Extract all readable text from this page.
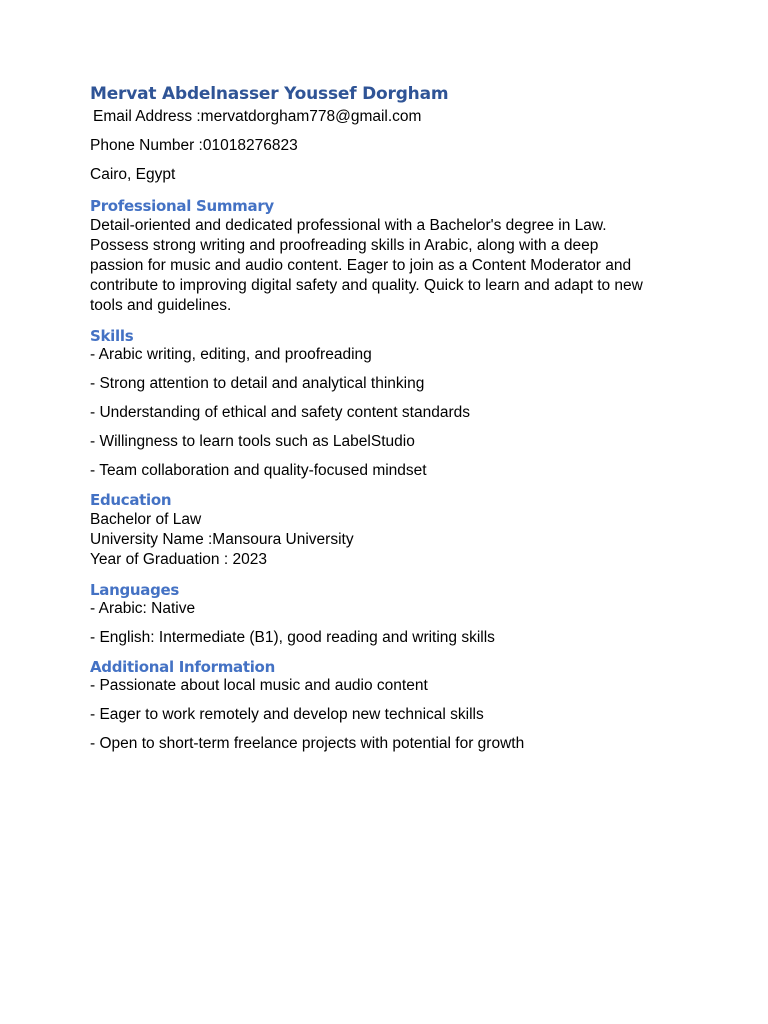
Mervat Abdelnasser Youssef Dorgham

Email Address :mervatdorgham778@gmail.com

Phone Number :01018276823

Cairo, Egypt

Professional Summary

Detail-oriented and dedicated professional with a Bachelor's degree in Law.

Possess strong writing and proofreading skills in Arabic, along with a deep

passion for music and audio content. Eager to join as a Content Moderator and

contribute to improving digital safety and quality. Quick to learn and adapt to new

tools and guidelines.

Skills
- Arabic writing, editing, and proofreading
- Strong attention to detail and analytical thinking
- Understanding of ethical and safety content standards
- Willingness to learn tools such as LabelStudio
- Team collaboration and quality-focused mindset
Education

Bachelor of Law

University Name :Mansoura University

Year of Graduation : 2023

Languages
- Arabic: Native
- English: Intermediate (B1), good reading and writing skills
Additional Information
- Passionate about local music and audio content
- Eager to work remotely and develop new technical skills
- Open to short-term freelance projects with potential for growth
